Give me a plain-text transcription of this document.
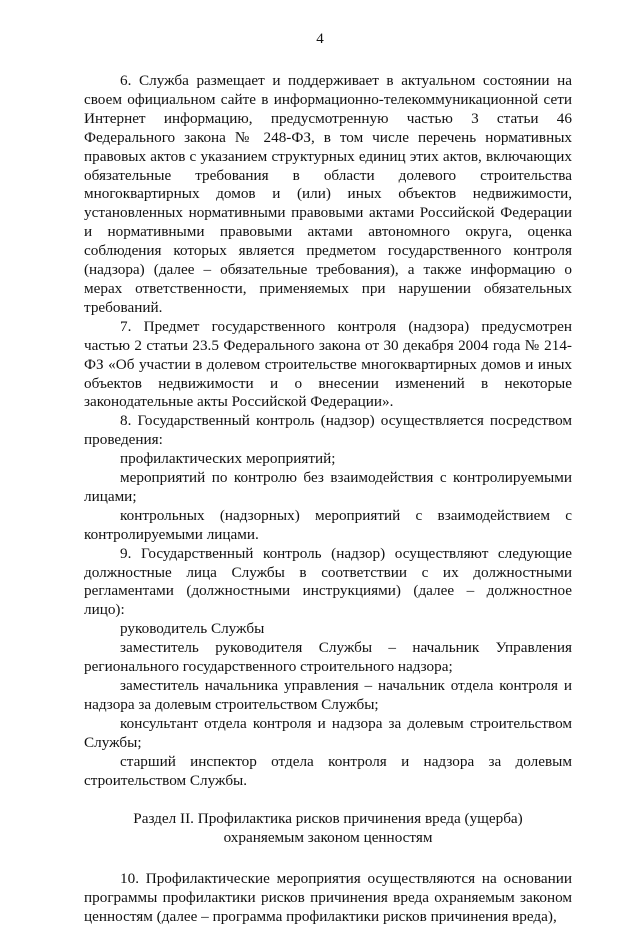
4

6. Служба размещает и поддерживает в актуальном состоянии на своем официальном сайте в информационно-телекоммуникационной сети Интернет информацию, предусмотренную частью 3 статьи 46 Федерального закона № 248-ФЗ, в том числе перечень нормативных правовых актов с указанием структурных единиц этих актов, включающих обязательные требования в области долевого строительства многоквартирных домов и (или) иных объектов недвижимости, установленных нормативными правовыми актами Российской Федерации и нормативными правовыми актами автономного округа, оценка соблюдения которых является предметом государственного контроля (надзора) (далее – обязательные требования), а также информацию о мерах ответственности, применяемых при нарушении обязательных требований.

7. Предмет государственного контроля (надзора) предусмотрен частью 2 статьи 23.5 Федерального закона от 30 декабря 2004 года № 214-ФЗ «Об участии в долевом строительстве многоквартирных домов и иных объектов недвижимости и о внесении изменений в некоторые законодательные акты Российской Федерации».

8. Государственный контроль (надзор) осуществляется посредством проведения:

профилактических мероприятий;

мероприятий по контролю без взаимодействия с контролируемыми лицами;

контрольных (надзорных) мероприятий с взаимодействием с контролируемыми лицами.

9. Государственный контроль (надзор) осуществляют следующие должностные лица Службы в соответствии с их должностными регламентами (должностными инструкциями) (далее – должностное лицо):

руководитель Службы

заместитель руководителя Службы – начальник Управления регионального государственного строительного надзора;

заместитель начальника управления – начальник отдела контроля и надзора за долевым строительством Службы;

консультант отдела контроля и надзора за долевым строительством Службы;

старший инспектор отдела контроля и надзора за долевым строительством Службы.

Раздел II. Профилактика рисков причинения вреда (ущерба)
охраняемым законом ценностям

10. Профилактические мероприятия осуществляются на основании программы профилактики рисков причинения вреда охраняемым законом ценностям (далее – программа профилактики рисков причинения вреда),
